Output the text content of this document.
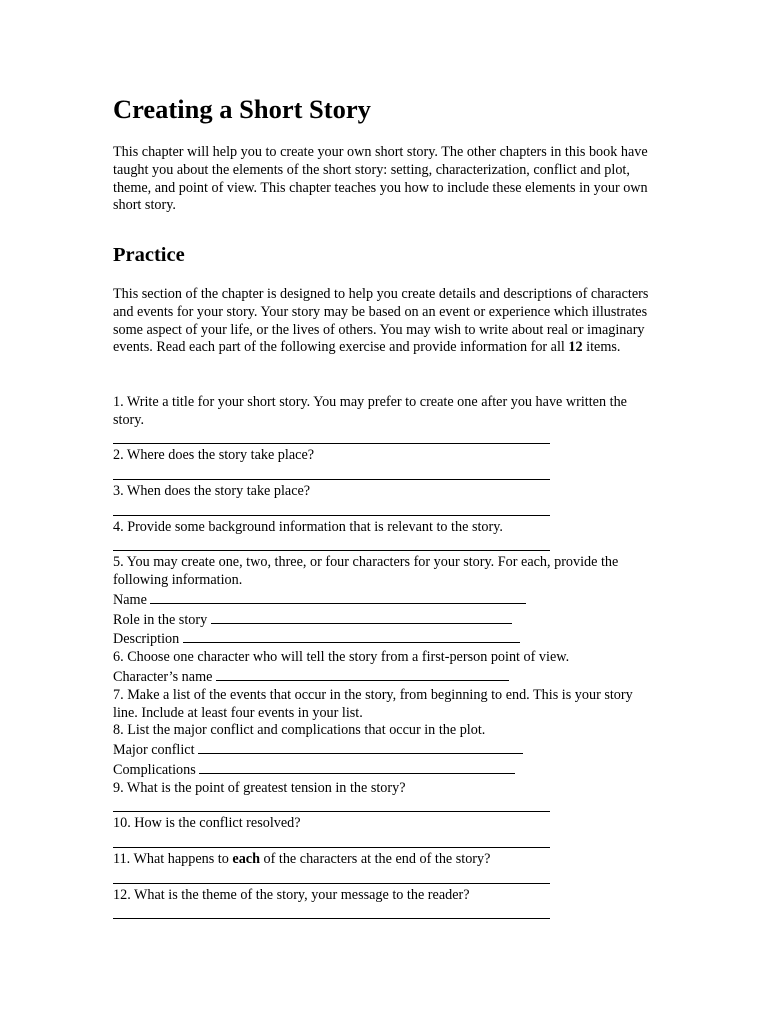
Creating a Short Story

This chapter will help you to create your own short story. The other chapters in this book have taught you about the elements of the short story: setting, characterization, conflict and plot, theme, and point of view. This chapter teaches you how to include these elements in your own short story.

Practice

This section of the chapter is designed to help you create details and descriptions of characters and events for your story. Your story may be based on an event or experience which illustrates some aspect of your life, or the lives of others. You may wish to write about real or imaginary events. Read each part of the following exercise and provide information for all 12 items.

1. Write a title for your short story. You may prefer to create one after you have written the story.

2. Where does the story take place?

3. When does the story take place?

4. Provide some background information that is relevant to the story.

5. You may create one, two, three, or four characters for your story. For each, provide the following information.

Name

Role in the story

Description

6. Choose one character who will tell the story from a first-person point of view.

Character’s name

7. Make a list of the events that occur in the story, from beginning to end. This is your story line. Include at least four events in your list.

8. List the major conflict and complications that occur in the plot.

Major conflict

Complications

9. What is the point of greatest tension in the story?

10. How is the conflict resolved?

11. What happens to each of the characters at the end of the story?

12. What is the theme of the story, your message to the reader?
